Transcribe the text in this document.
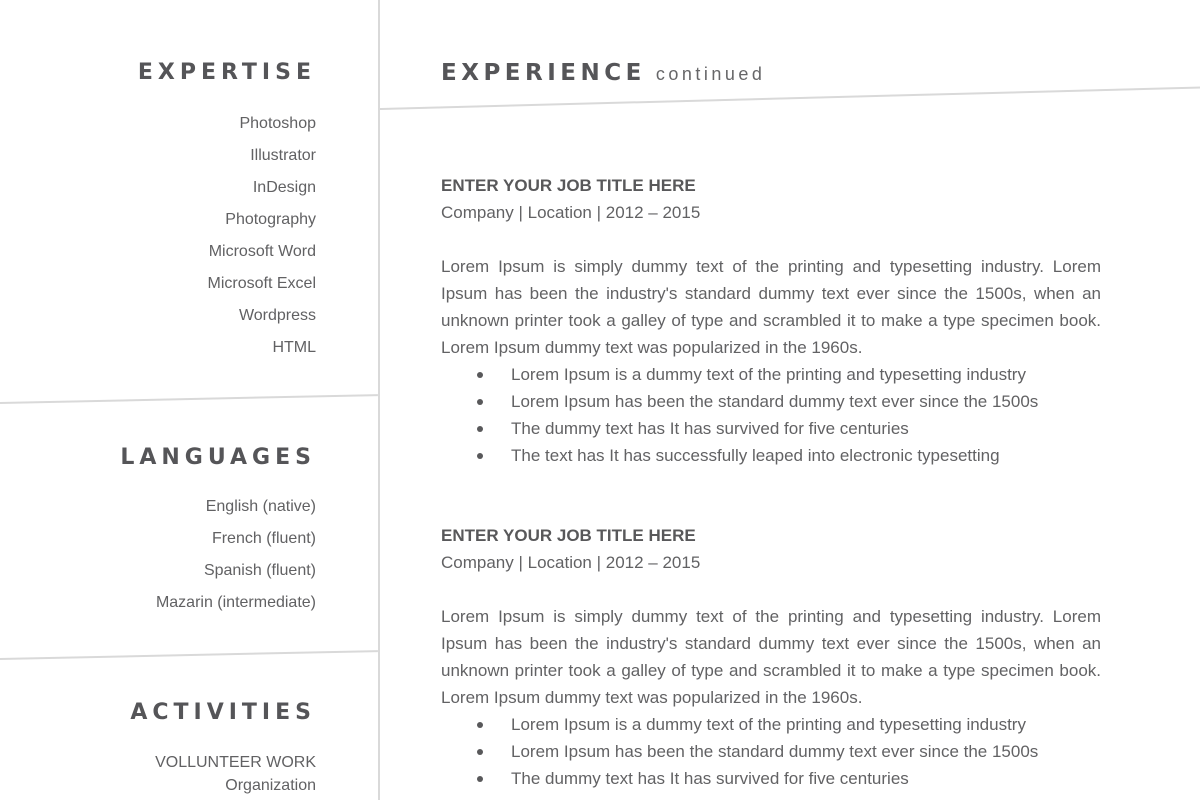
EXPERTISE
Photoshop
Illustrator
InDesign
Photography
Microsoft Word
Microsoft Excel
Wordpress
HTML
LANGUAGES
English (native)
French (fluent)
Spanish (fluent)
Mazarin (intermediate)
ACTIVITIES
VOLLUNTEER WORK
Organization
EXPERIENCE continued
ENTER YOUR JOB TITLE HERE
Company | Location | 2012 – 2015

Lorem Ipsum is simply dummy text of the printing and typesetting industry. Lorem Ipsum has been the industry's standard dummy text ever since the 1500s, when an unknown printer took a galley of type and scrambled it to make a type specimen book. Lorem Ipsum dummy text was popularized in the 1960s.

Lorem Ipsum is a dummy text of the printing and typesetting industry
Lorem Ipsum has been the standard dummy text ever since the 1500s
The dummy text has It has survived for five centuries
The text has It has successfully leaped into electronic typesetting
ENTER YOUR JOB TITLE HERE
Company | Location | 2012 – 2015

Lorem Ipsum is simply dummy text of the printing and typesetting industry. Lorem Ipsum has been the industry's standard dummy text ever since the 1500s, when an unknown printer took a galley of type and scrambled it to make a type specimen book. Lorem Ipsum dummy text was popularized in the 1960s.

Lorem Ipsum is a dummy text of the printing and typesetting industry
Lorem Ipsum has been the standard dummy text ever since the 1500s
The dummy text has It has survived for five centuries
